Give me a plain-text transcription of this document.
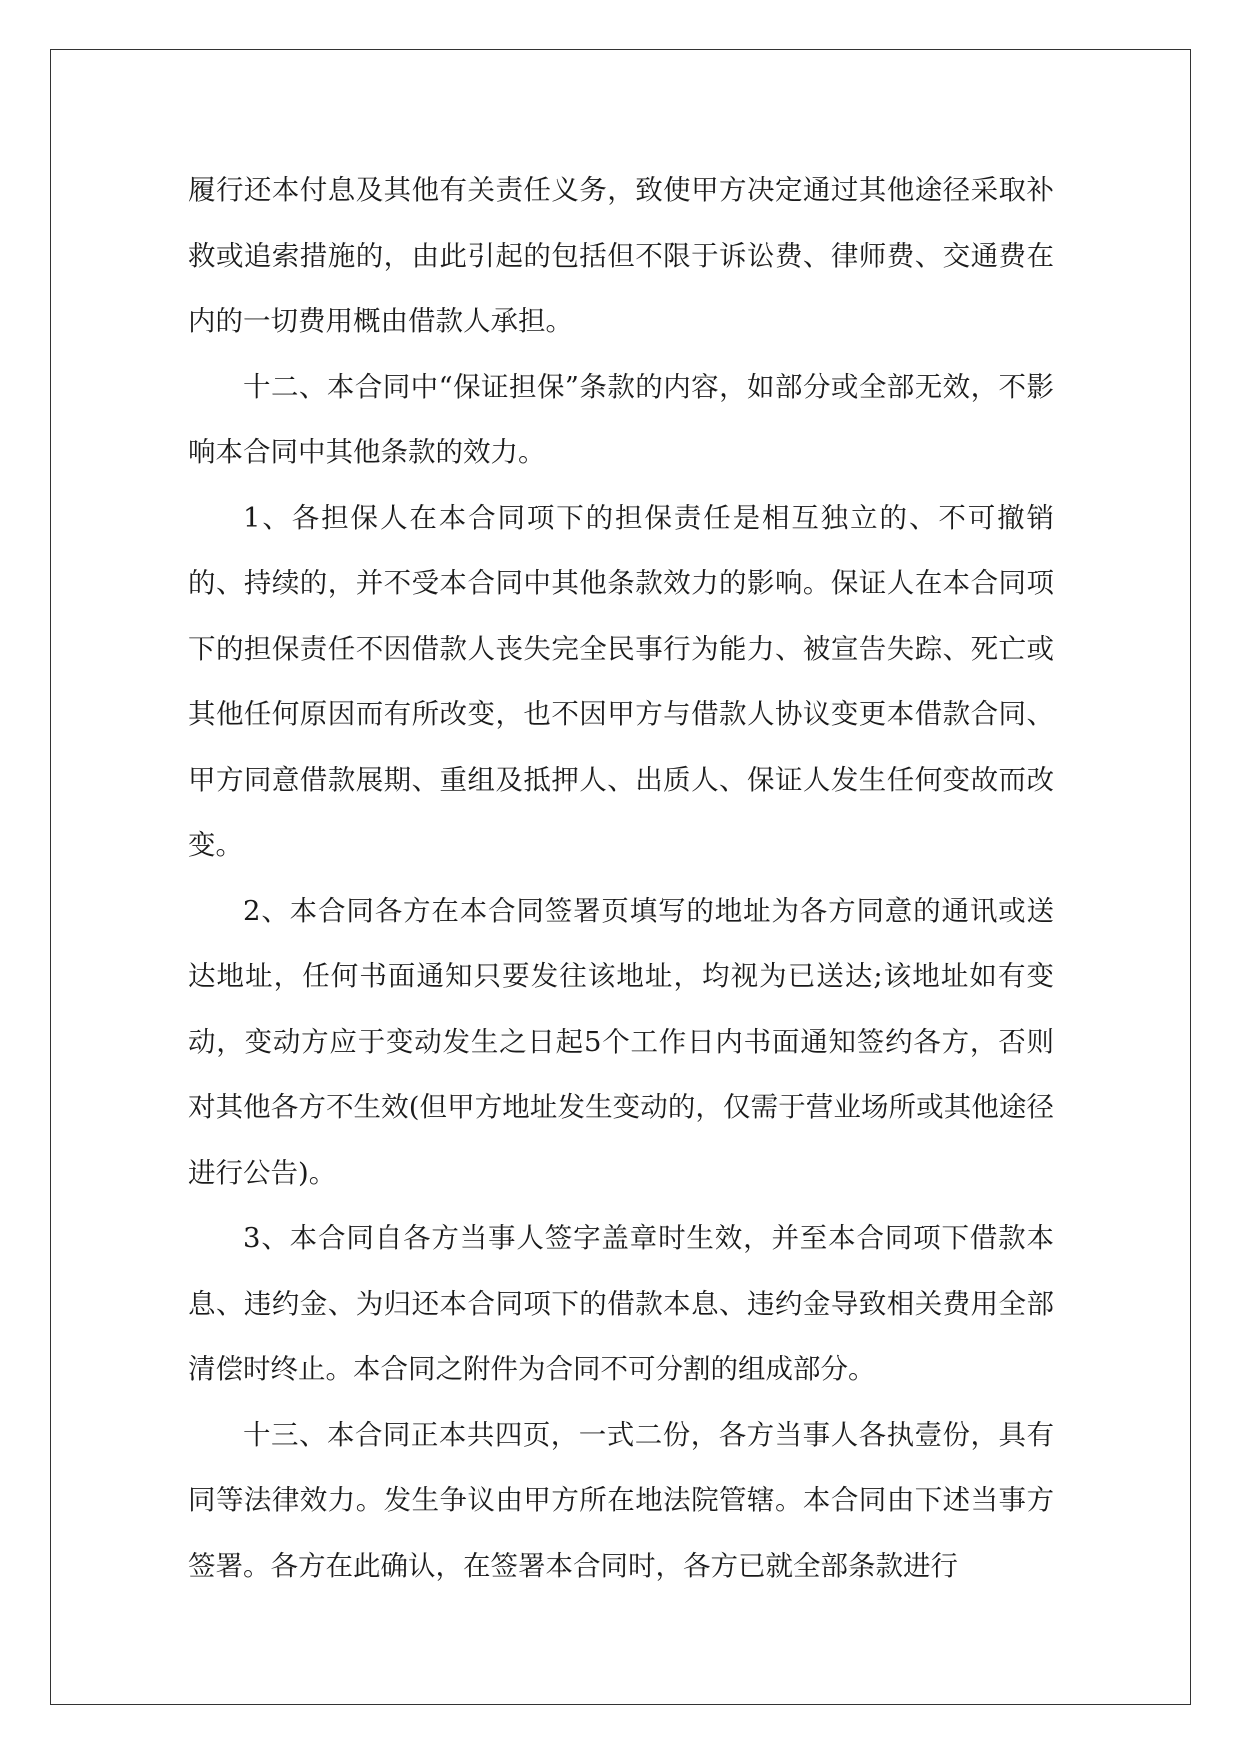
履行还本付息及其他有关责任义务，致使甲方决定通过其他途径采取补救或追索措施的，由此引起的包括但不限于诉讼费、律师费、交通费在内的一切费用概由借款人承担。

十二、本合同中“保证担保”条款的内容，如部分或全部无效，不影响本合同中其他条款的效力。

1、各担保人在本合同项下的担保责任是相互独立的、不可撤销的、持续的，并不受本合同中其他条款效力的影响。保证人在本合同项下的担保责任不因借款人丧失完全民事行为能力、被宣告失踪、死亡或其他任何原因而有所改变，也不因甲方与借款人协议变更本借款合同、甲方同意借款展期、重组及抵押人、出质人、保证人发生任何变故而改变。

2、本合同各方在本合同签署页填写的地址为各方同意的通讯或送达地址，任何书面通知只要发往该地址，均视为已送达;该地址如有变动，变动方应于变动发生之日起5个工作日内书面通知签约各方，否则对其他各方不生效(但甲方地址发生变动的，仅需于营业场所或其他途径进行公告)。

3、本合同自各方当事人签字盖章时生效，并至本合同项下借款本息、违约金、为归还本合同项下的借款本息、违约金导致相关费用全部清偿时终止。本合同之附件为合同不可分割的组成部分。

十三、本合同正本共四页，一式二份，各方当事人各执壹份，具有同等法律效力。发生争议由甲方所在地法院管辖。本合同由下述当事方签署。各方在此确认，在签署本合同时，各方已就全部条款进行
